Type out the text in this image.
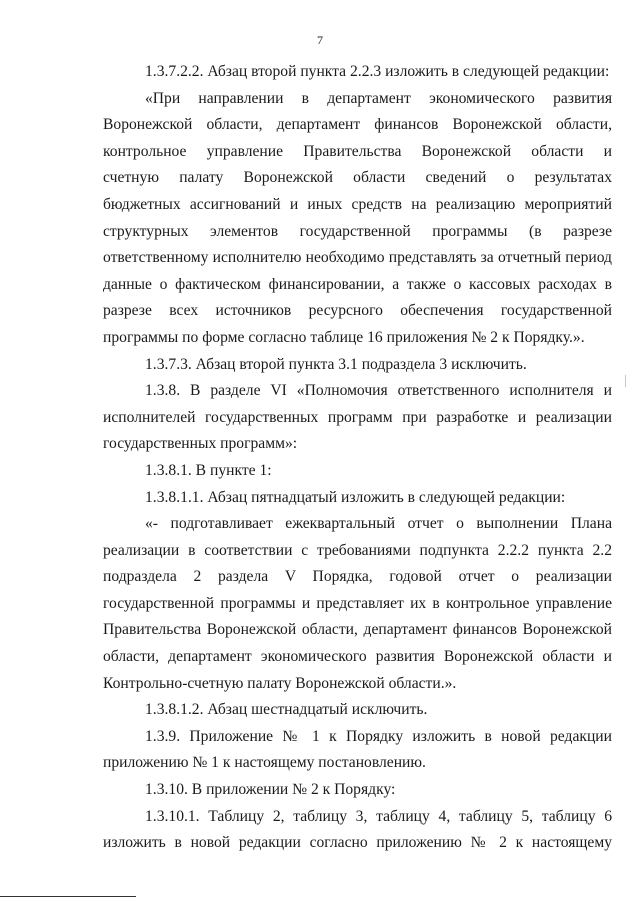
7
1.3.7.2.2. Абзац второй пункта 2.2.3 изложить в следующей редакции:
«При направлении в департамент экономического развития
Воронежской области, департамент финансов Воронежской области,
контрольное управление Правительства Воронежской области и
счетную палату Воронежской области сведений о результатах
бюджетных ассигнований и иных средств на реализацию мероприятий
структурных элементов государственной программы (в разрезе
ответственному исполнителю необходимо представлять за отчетный период
данные о фактическом финансировании, а также о кассовых расходах в
разрезе всех источников ресурсного обеспечения государственной
программы по форме согласно таблице 16 приложения № 2 к Порядку.».
1.3.7.3. Абзац второй пункта 3.1 подраздела 3 исключить.
1.3.8. В разделе VI «Полномочия ответственного исполнителя и
исполнителей государственных программ при разработке и реализации
государственных программ»:
1.3.8.1. В пункте 1:
1.3.8.1.1. Абзац пятнадцатый изложить в следующей редакции:
«- подготавливает ежеквартальный отчет о выполнении Плана
реализации в соответствии с требованиями подпункта 2.2.2 пункта 2.2
подраздела 2 раздела V Порядка, годовой отчет о реализации
государственной программы и представляет их в контрольное управление
Правительства Воронежской области, департамент финансов Воронежской
области, департамент экономического развития Воронежской области и
Контрольно-счетную палату Воронежской области.».
1.3.8.1.2. Абзац шестнадцатый исключить.
1.3.9. Приложение № 1 к Порядку изложить в новой редакции
приложению № 1 к настоящему постановлению.
1.3.10. В приложении № 2 к Порядку:
1.3.10.1. Таблицу 2, таблицу 3, таблицу 4, таблицу 5, таблицу 6
изложить в новой редакции согласно приложению № 2 к настоящему
